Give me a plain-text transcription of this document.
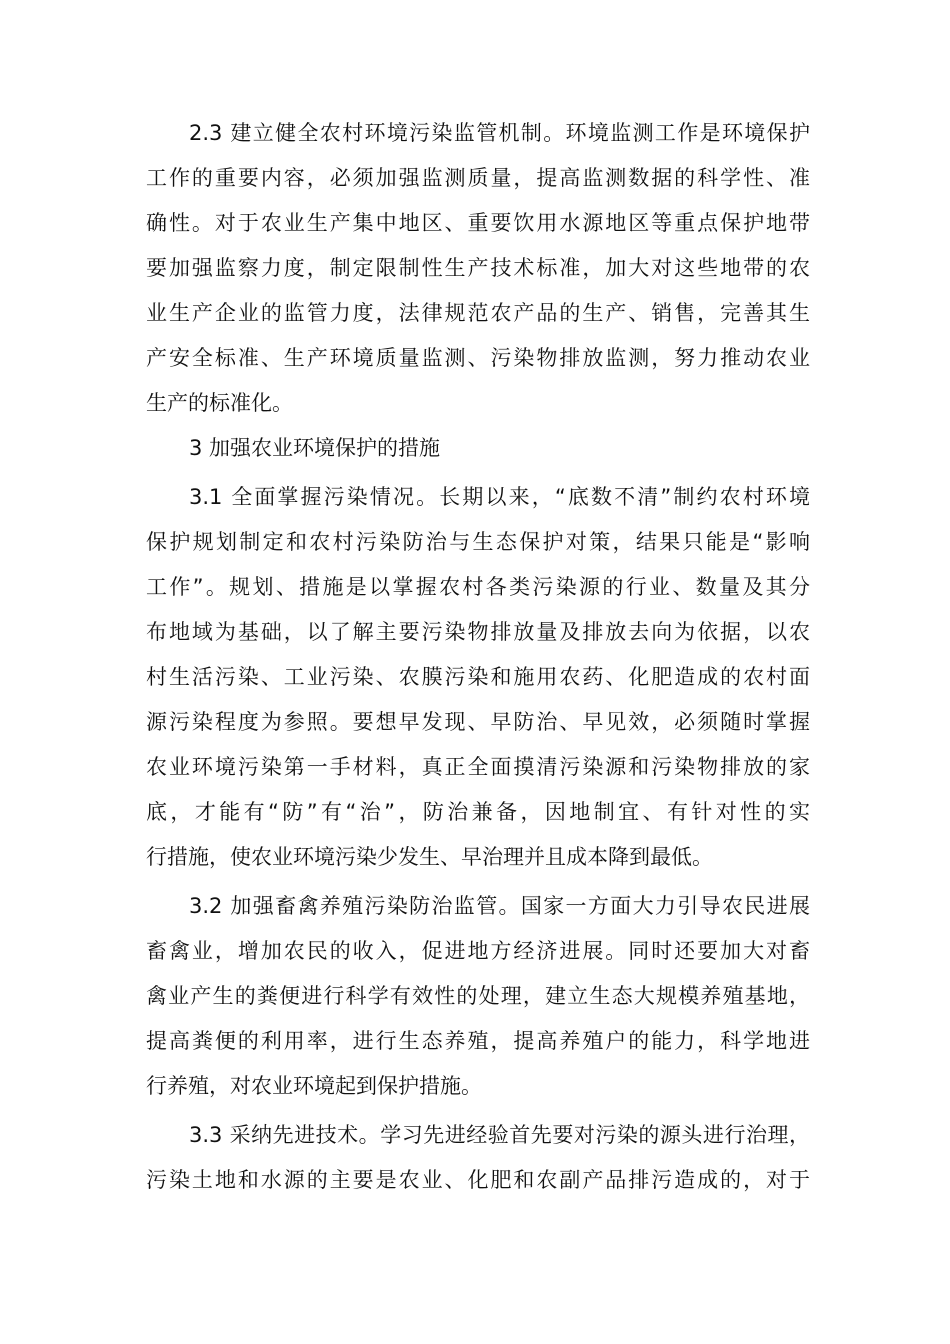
2.3 建立健全农村环境污染监管机制。环境监测工作是环境保护
工作的重要内容，必须加强监测质量，提高监测数据的科学性、准
确性。对于农业生产集中地区、重要饮用水源地区等重点保护地带
要加强监察力度，制定限制性生产技术标准，加大对这些地带的农
业生产企业的监管力度，法律规范农产品的生产、销售，完善其生
产安全标准、生产环境质量监测、污染物排放监测，努力推动农业
生产的标准化。
3 加强农业环境保护的措施
3.1 全面掌握污染情况。长期以来，“底数不清”制约农村环境
保护规划制定和农村污染防治与生态保护对策，结果只能是“影响
工作”。规划、措施是以掌握农村各类污染源的行业、数量及其分
布地域为基础，以了解主要污染物排放量及排放去向为依据，以农
村生活污染、工业污染、农膜污染和施用农药、化肥造成的农村面
源污染程度为参照。要想早发现、早防治、早见效，必须随时掌握
农业环境污染第一手材料，真正全面摸清污染源和污染物排放的家
底，才能有“防”有“治”，防治兼备，因地制宜、有针对性的实
行措施，使农业环境污染少发生、早治理并且成本降到最低。
3.2 加强畜禽养殖污染防治监管。国家一方面大力引导农民进展
畜禽业，增加农民的收入，促进地方经济进展。同时还要加大对畜
禽业产生的粪便进行科学有效性的处理，建立生态大规模养殖基地，
提高粪便的利用率，进行生态养殖，提高养殖户的能力，科学地进
行养殖，对农业环境起到保护措施。
3.3 采纳先进技术。学习先进经验首先要对污染的源头进行治理，
污染土地和水源的主要是农业、化肥和农副产品排污造成的，对于
